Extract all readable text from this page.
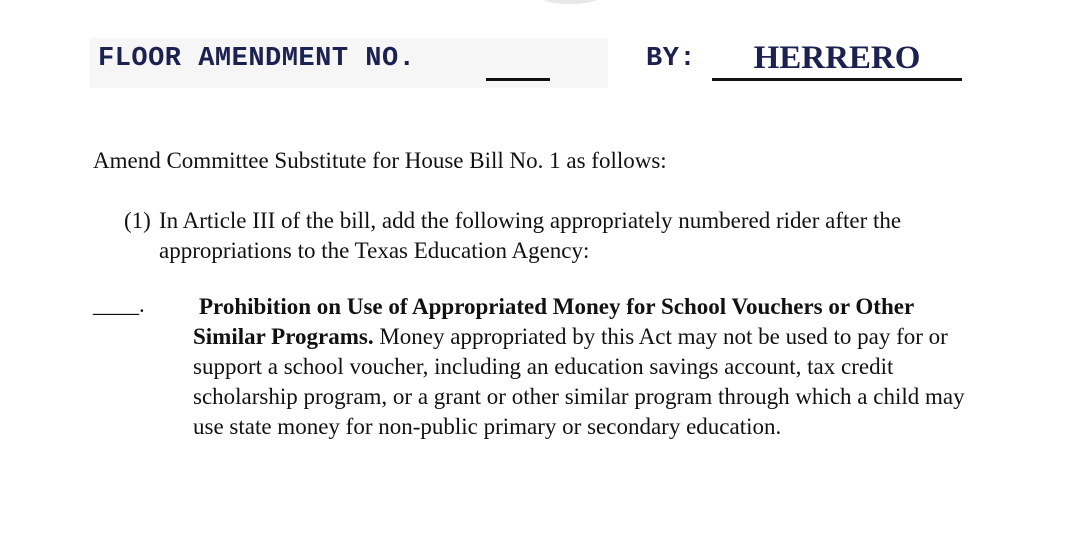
FLOOR AMENDMENT NO.	BY:	HERRERO
Amend Committee Substitute for House Bill No. 1 as follows:
(1) In Article III of the bill, add the following appropriately numbered rider after the appropriations to the Texas Education Agency:
____. Prohibition on Use of Appropriated Money for School Vouchers or Other Similar Programs. Money appropriated by this Act may not be used to pay for or support a school voucher, including an education savings account, tax credit scholarship program, or a grant or other similar program through which a child may use state money for non-public primary or secondary education.
